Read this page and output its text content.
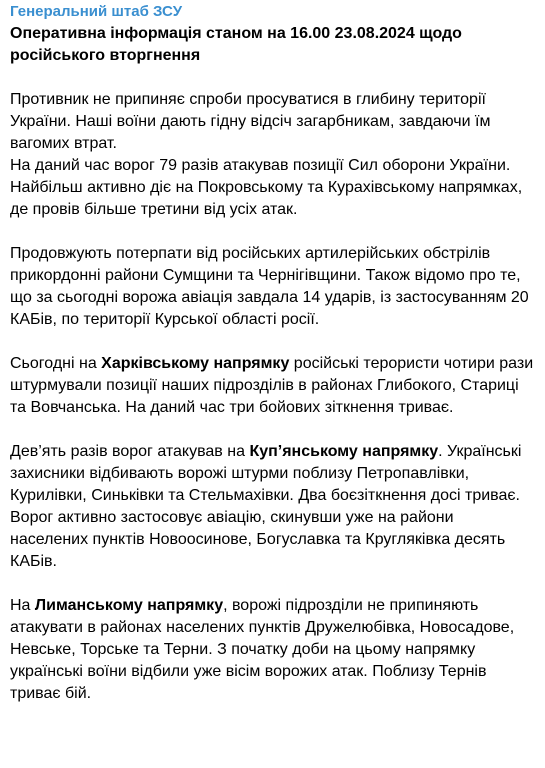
Генеральний штаб ЗСУ
Оперативна інформація станом на 16.00 23.08.2024 щодо російського вторгнення

Противник не припиняє спроби просуватися в глибину території України. Наші воїни дають гідну відсіч загарбникам, завдаючи їм вагомих втрат.

На даний час ворог 79 разів атакував позиції Сил оборони України. Найбільш активно діє на Покровському та Курахівському напрямках, де провів більше третини від усіх атак.

Продовжують потерпати від російських артилерійських обстрілів прикордонні райони Сумщини та Чернігівщини. Також відомо про те, що за сьогодні ворожа авіація завдала 14 ударів, із застосуванням 20 КАБів, по території Курської області росії.

Сьогодні на Харківському напрямку російські терористи чотири рази штурмували позиції наших підрозділів в районах Глибокого, Стариці та Вовчанська. На даний час три бойових зіткнення триває.

Дев’ять разів ворог атакував на Куп’янському напрямку. Українські захисники відбивають ворожі штурми поблизу Петропавлівки, Курилівки, Синьківки та Стельмахівки. Два боєзіткнення досі триває. Ворог активно застосовує авіацію, скинувши уже на райони населених пунктів Новоосинове, Богуславка та Кругляківка десять КАБів.

На Лиманському напрямку, ворожі підрозділи не припиняють атакувати в районах населених пунктів Дружелюбівка, Новосадове, Невське, Торське та Терни. З початку доби на цьому напрямку українські воїни відбили уже вісім ворожих атак. Поблизу Тернів триває бій.
